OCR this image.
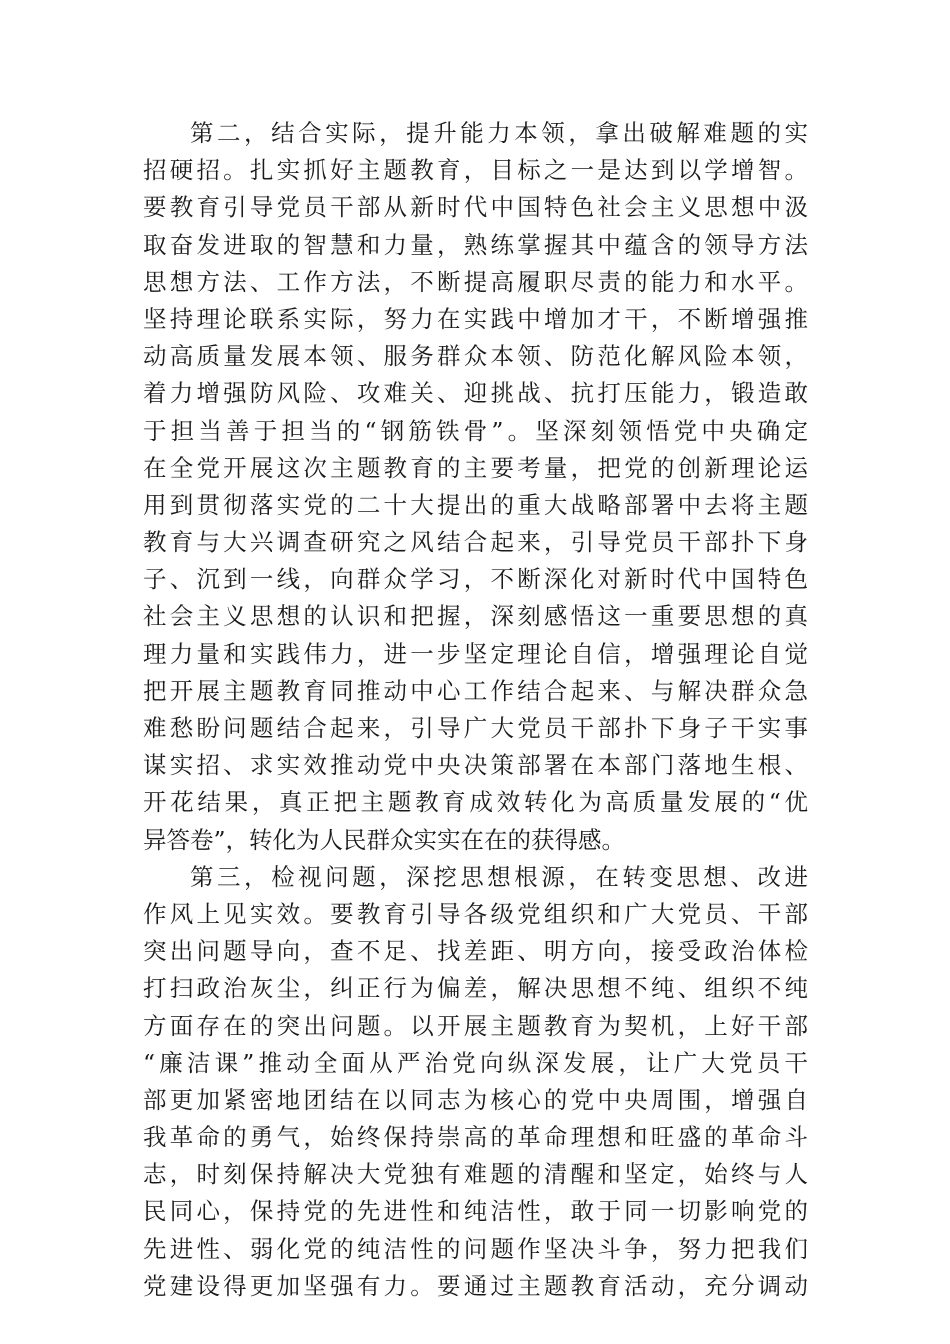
第二，结合实际，提升能力本领，拿出破解难题的实
招硬招。扎实抓好主题教育，目标之一是达到以学增智。
要教育引导党员干部从新时代中国特色社会主义思想中汲
取奋发进取的智慧和力量，熟练掌握其中蕴含的领导方法
思想方法、工作方法，不断提高履职尽责的能力和水平。
坚持理论联系实际，努力在实践中增加才干，不断增强推
动高质量发展本领、服务群众本领、防范化解风险本领，
着力增强防风险、攻难关、迎挑战、抗打压能力，锻造敢
于担当善于担当的“钢筋铁骨”。坚深刻领悟党中央确定
在全党开展这次主题教育的主要考量，把党的创新理论运
用到贯彻落实党的二十大提出的重大战略部署中去将主题
教育与大兴调查研究之风结合起来，引导党员干部扑下身
子、沉到一线，向群众学习，不断深化对新时代中国特色
社会主义思想的认识和把握，深刻感悟这一重要思想的真
理力量和实践伟力，进一步坚定理论自信，增强理论自觉
把开展主题教育同推动中心工作结合起来、与解决群众急
难愁盼问题结合起来，引导广大党员干部扑下身子干实事
谋实招、求实效推动党中央决策部署在本部门落地生根、
开花结果，真正把主题教育成效转化为高质量发展的“优
异答卷”，转化为人民群众实实在在的获得感。
第三，检视问题，深挖思想根源，在转变思想、改进
作风上见实效。要教育引导各级党组织和广大党员、干部
突出问题导向，查不足、找差距、明方向，接受政治体检
打扫政治灰尘，纠正行为偏差，解决思想不纯、组织不纯
方面存在的突出问题。以开展主题教育为契机，上好干部
“廉洁课”推动全面从严治党向纵深发展，让广大党员干
部更加紧密地团结在以同志为核心的党中央周围，增强自
我革命的勇气，始终保持崇高的革命理想和旺盛的革命斗
志，时刻保持解决大党独有难题的清醒和坚定，始终与人
民同心，保持党的先进性和纯洁性，敢于同一切影响党的
先进性、弱化党的纯洁性的问题作坚决斗争，努力把我们
党建设得更加坚强有力。要通过主题教育活动，充分调动
